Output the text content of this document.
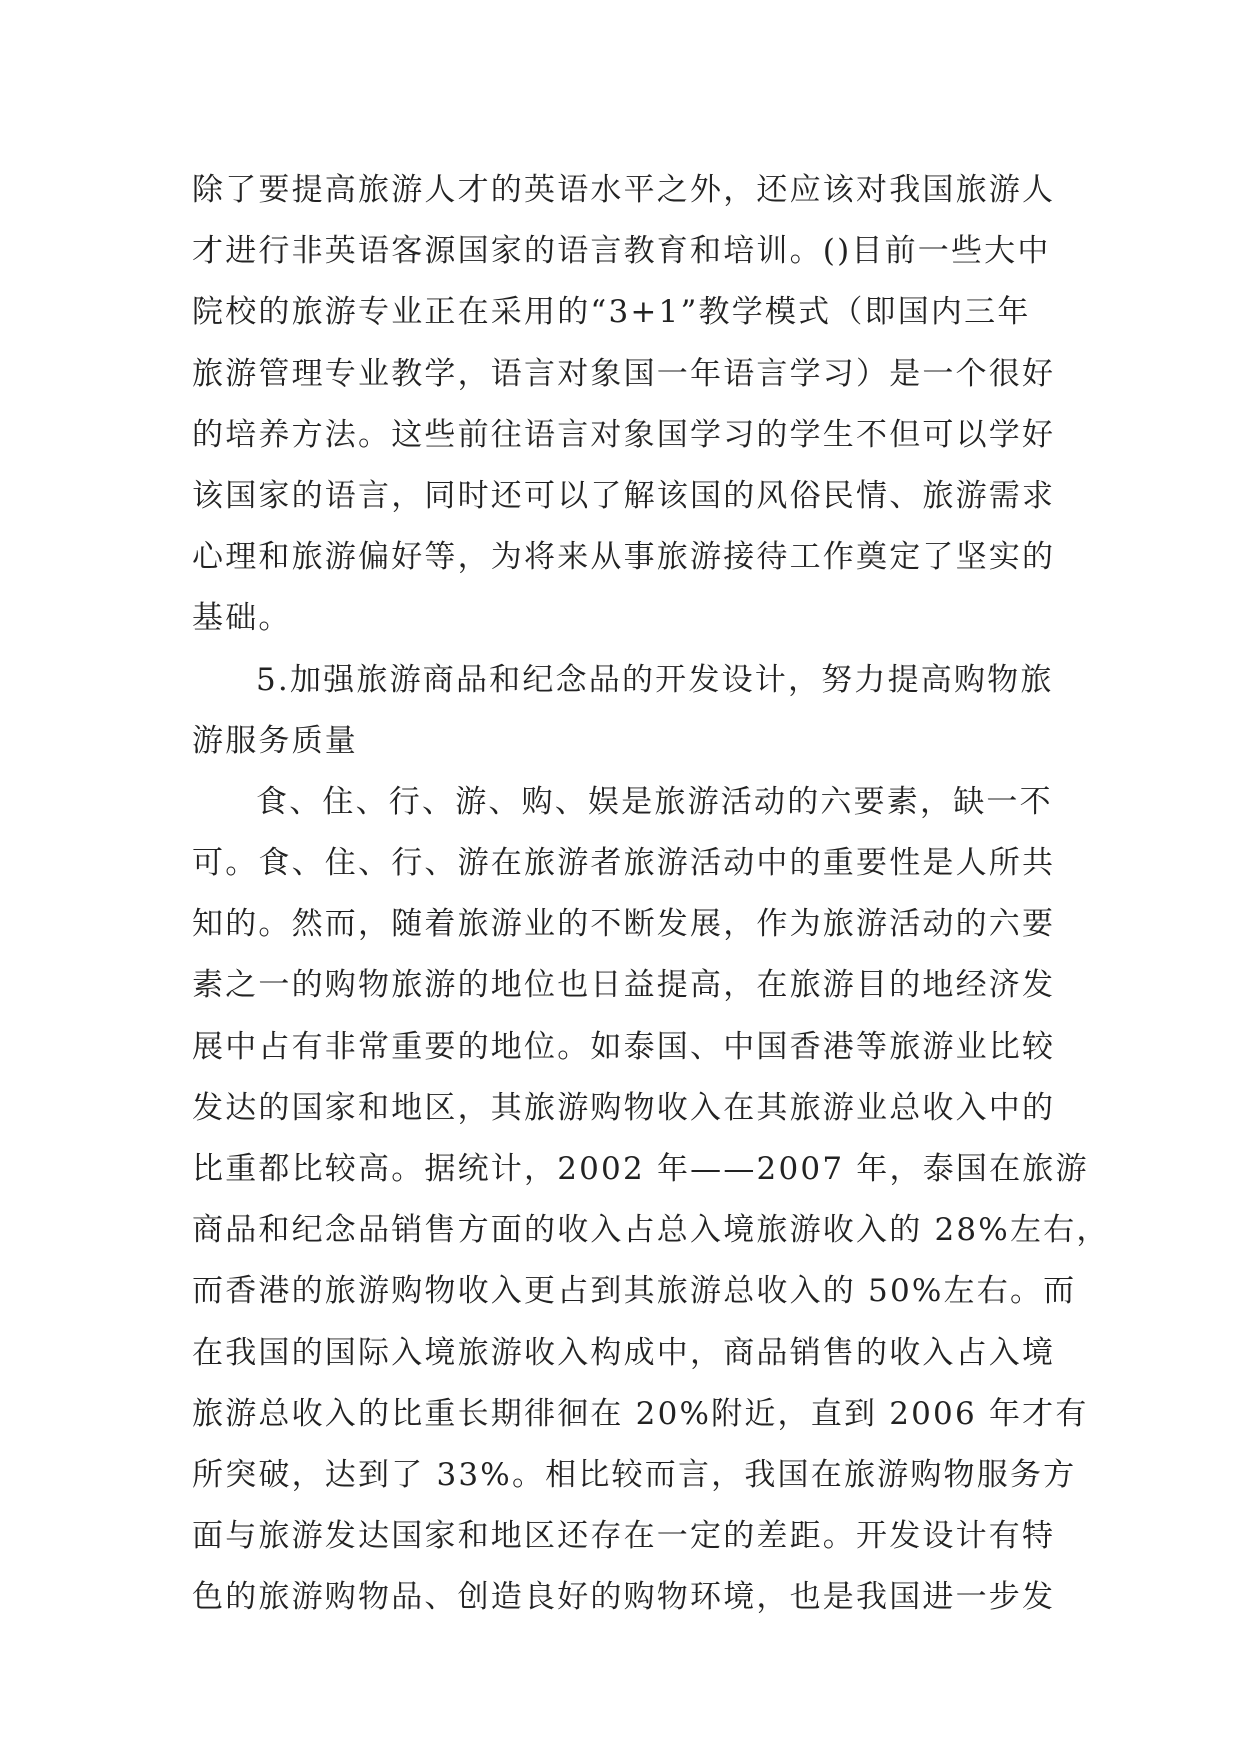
除了要提高旅游人才的英语水平之外，还应该对我国旅游人
才进行非英语客源国家的语言教育和培训。()目前一些大中
院校的旅游专业正在采用的“3+1”教学模式（即国内三年
旅游管理专业教学，语言对象国一年语言学习）是一个很好
的培养方法。这些前往语言对象国学习的学生不但可以学好
该国家的语言，同时还可以了解该国的风俗民情、旅游需求
心理和旅游偏好等，为将来从事旅游接待工作奠定了坚实的
基础。
5.加强旅游商品和纪念品的开发设计，努力提高购物旅
游服务质量
食、住、行、游、购、娱是旅游活动的六要素，缺一不
可。食、住、行、游在旅游者旅游活动中的重要性是人所共
知的。然而，随着旅游业的不断发展，作为旅游活动的六要
素之一的购物旅游的地位也日益提高，在旅游目的地经济发
展中占有非常重要的地位。如泰国、中国香港等旅游业比较
发达的国家和地区，其旅游购物收入在其旅游业总收入中的
比重都比较高。据统计，2002 年——2007 年，泰国在旅游
商品和纪念品销售方面的收入占总入境旅游收入的 28%左右，
而香港的旅游购物收入更占到其旅游总收入的 50%左右。而
在我国的国际入境旅游收入构成中，商品销售的收入占入境
旅游总收入的比重长期徘徊在 20%附近，直到 2006 年才有
所突破，达到了 33%。相比较而言，我国在旅游购物服务方
面与旅游发达国家和地区还存在一定的差距。开发设计有特
色的旅游购物品、创造良好的购物环境，也是我国进一步发
